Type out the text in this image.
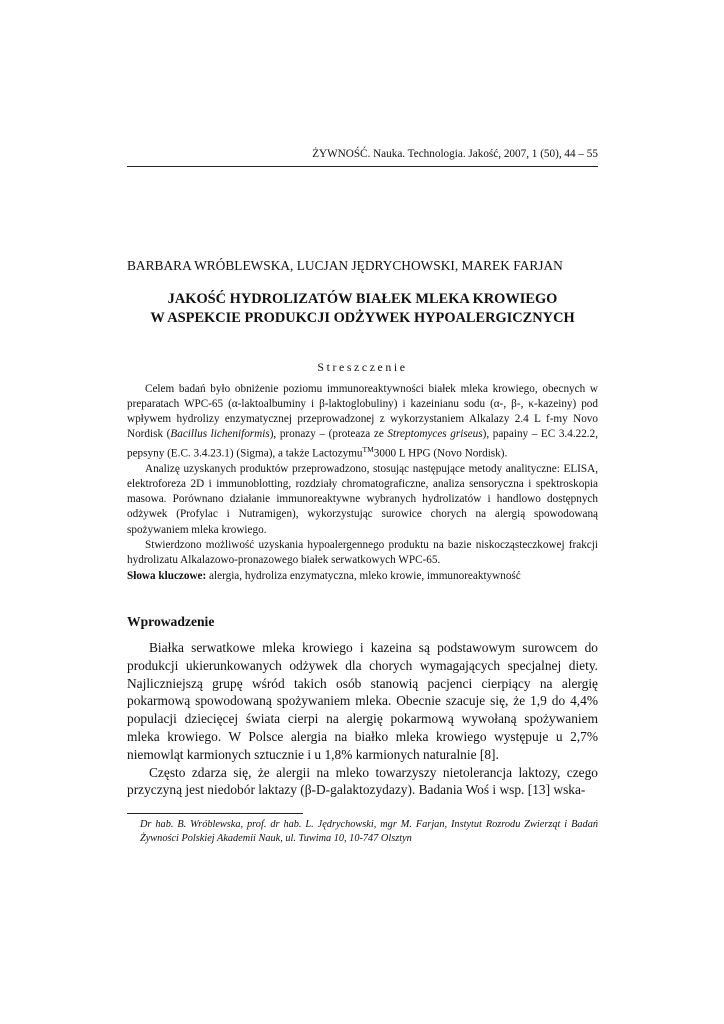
ŻYWNOŚĆ. Nauka. Technologia. Jakość, 2007, 1 (50), 44 – 55
BARBARA WRÓBLEWSKA, LUCJAN JĘDRYCHOWSKI, MAREK FARJAN
JAKOŚĆ HYDROLIZATÓW BIAŁEK MLEKA KROWIEGO
W ASPEKCIE PRODUKCJI ODŻYWEK HYPOALERGICZNYCH
Streszczenie

Celem badań było obniżenie poziomu immunoreaktywności białek mleka krowiego, obecnych w preparatach WPC-65 (α-laktoalbuminy i β-laktoglobuliny) i kazeinianu sodu (α-, β-, κ-kazeiny) pod wpływem hydrolizy enzymatycznej przeprowadzonej z wykorzystaniem Alkalazy 2.4 L f-my Novo Nordisk (Bacillus licheniformis), pronazy – (proteaza ze Streptomyces griseus), papainy – EC 3.4.22.2, pepsyny (E.C. 3.4.23.1) (Sigma), a także Lactozymu™3000 L HPG (Novo Nordisk).

Analizę uzyskanych produktów przeprowadzono, stosując następujące metody analityczne: ELISA, elektroforeza 2D i immunoblotting, rozdziały chromatograficzne, analiza sensoryczna i spektroskopia masowa. Porównano działanie immunoreaktywne wybranych hydrolizatów i handlowo dostępnych odżywek (Profylac i Nutramigen), wykorzystując surowice chorych na alergią spowodowaną spożywaniem mleka krowiego.

Stwierdzono możliwość uzyskania hypoalergennego produktu na bazie niskocząsteczkowej frakcji hydrolizatu Alkalazowo-pronazowego białek serwatkowych WPC-65.

Słowa kluczowe: alergia, hydroliza enzymatyczna, mleko krowie, immunoreaktywność
Wprowadzenie

Białka serwatkowe mleka krowiego i kazeina są podstawowym surowcem do produkcji ukierunkowanych odżywek dla chorych wymagających specjalnej diety. Najliczniejszą grupę wśród takich osób stanowią pacjenci cierpiący na alergię pokarmową spowodowaną spożywaniem mleka. Obecnie szacuje się, że 1,9 do 4,4% populacji dziecięcej świata cierpi na alergię pokarmową wywołaną spożywaniem mleka krowiego. W Polsce alergia na białko mleka krowiego występuje u 2,7% niemowląt karmionych sztucznie i u 1,8% karmionych naturalnie [8].

Często zdarza się, że alergii na mleko towarzyszy nietolerancja laktozy, czego przyczyną jest niedobór laktazy (β-D-galaktozydazy). Badania Woś i wsp. [13] wska-

Dr hab. B. Wróblewska, prof. dr hab. L. Jędrychowski, mgr M. Farjan, Instytut Rozrodu Zwierząt i Badań Żywności Polskiej Akademii Nauk, ul. Tuwima 10, 10-747 Olsztyn
